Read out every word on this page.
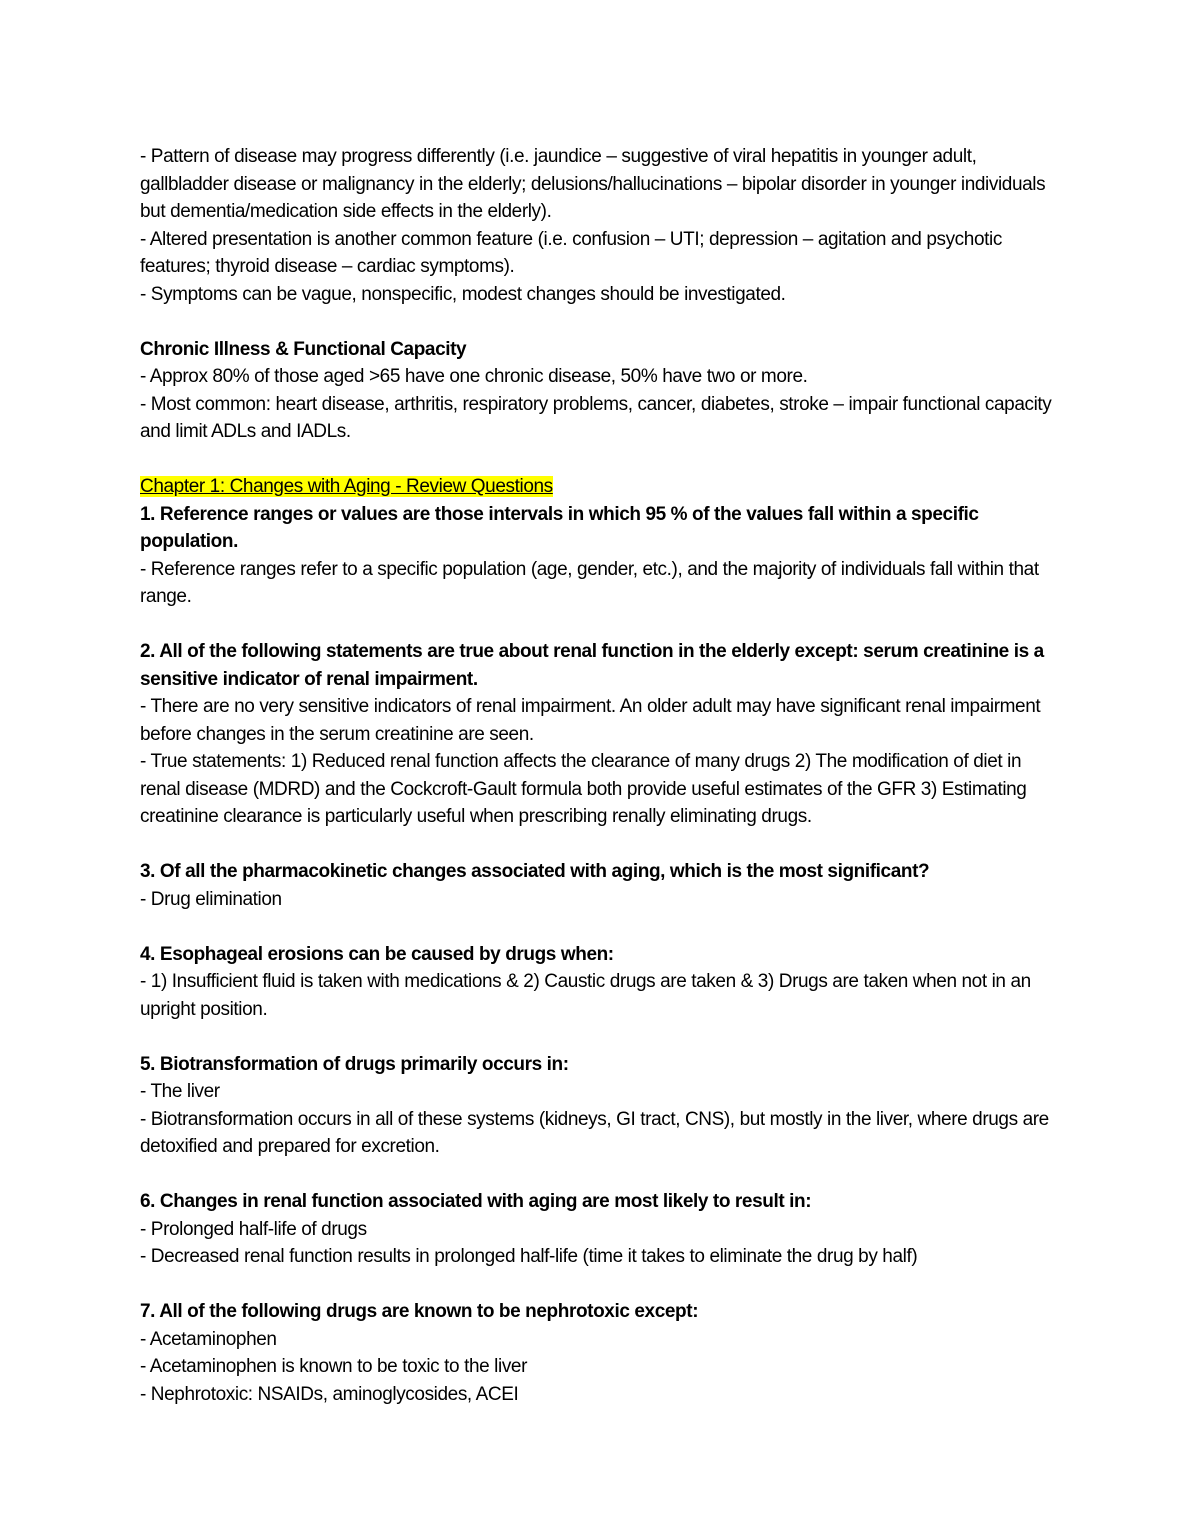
- Pattern of disease may progress differently (i.e. jaundice – suggestive of viral hepatitis in younger adult, gallbladder disease or malignancy in the elderly; delusions/hallucinations – bipolar disorder in younger individuals but dementia/medication side effects in the elderly).

- Altered presentation is another common feature (i.e. confusion – UTI; depression – agitation and psychotic features; thyroid disease – cardiac symptoms).

- Symptoms can be vague, nonspecific, modest changes should be investigated.

Chronic Illness & Functional Capacity

- Approx 80% of those aged >65 have one chronic disease, 50% have two or more.

- Most common: heart disease, arthritis, respiratory problems, cancer, diabetes, stroke – impair functional capacity and limit ADLs and IADLs.

Chapter 1: Changes with Aging - Review Questions

1. Reference ranges or values are those intervals in which 95 % of the values fall within a specific population.

- Reference ranges refer to a specific population (age, gender, etc.), and the majority of individuals fall within that range.

2. All of the following statements are true about renal function in the elderly except: serum creatinine is a sensitive indicator of renal impairment.

- There are no very sensitive indicators of renal impairment. An older adult may have significant renal impairment before changes in the serum creatinine are seen.

- True statements: 1) Reduced renal function affects the clearance of many drugs 2) The modification of diet in renal disease (MDRD) and the Cockcroft-Gault formula both provide useful estimates of the GFR 3) Estimating creatinine clearance is particularly useful when prescribing renally eliminating drugs.

3. Of all the pharmacokinetic changes associated with aging, which is the most significant?

- Drug elimination

4. Esophageal erosions can be caused by drugs when:

- 1) Insufficient fluid is taken with medications & 2) Caustic drugs are taken & 3) Drugs are taken when not in an upright position.

5. Biotransformation of drugs primarily occurs in:

- The liver

- Biotransformation occurs in all of these systems (kidneys, GI tract, CNS), but mostly in the liver, where drugs are detoxified and prepared for excretion.

6. Changes in renal function associated with aging are most likely to result in:

- Prolonged half-life of drugs

- Decreased renal function results in prolonged half-life (time it takes to eliminate the drug by half)

7. All of the following drugs are known to be nephrotoxic except:

- Acetaminophen

- Acetaminophen is known to be toxic to the liver

- Nephrotoxic: NSAIDs, aminoglycosides, ACEI
